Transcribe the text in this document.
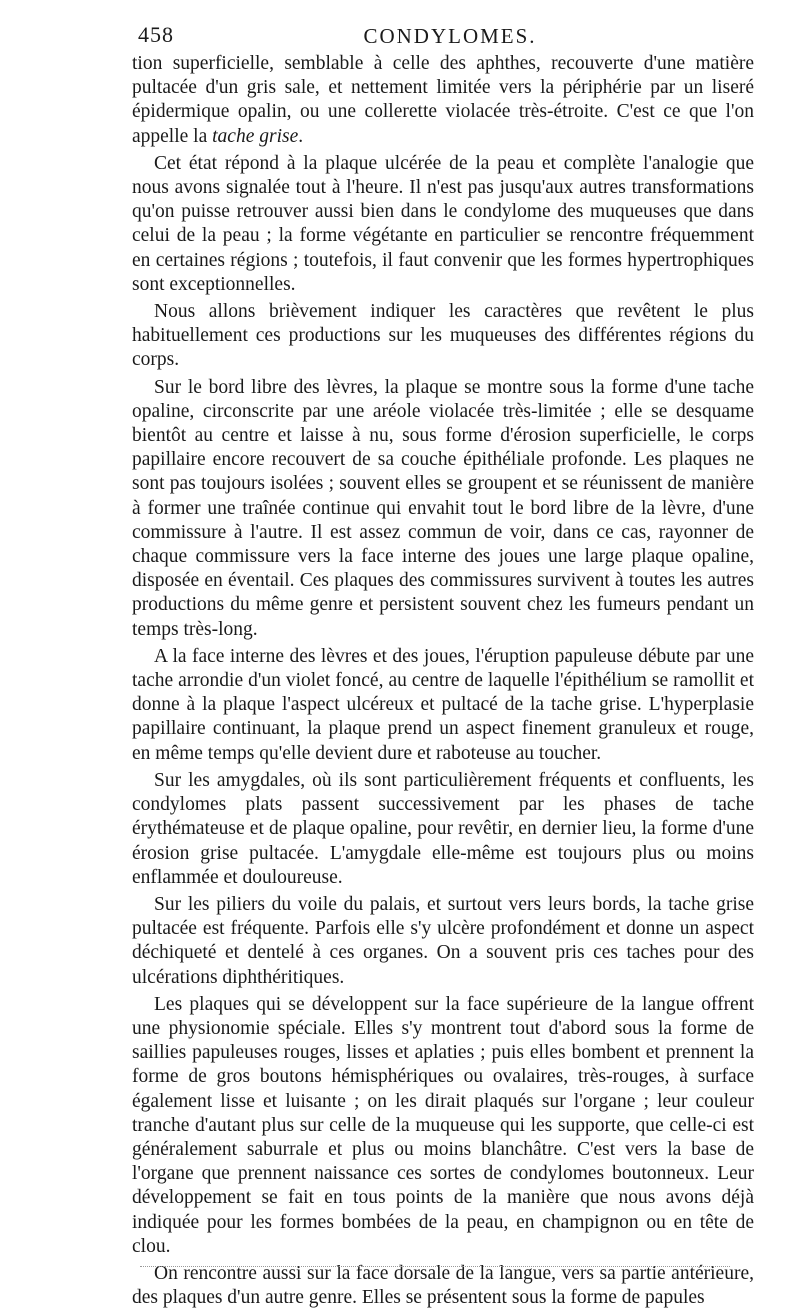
458	CONDYLOMES.

tion superficielle, semblable à celle des aphthes, recouverte d'une matière pultacée d'un gris sale, et nettement limitée vers la périphérie par un liseré épidermique opalin, ou une collerette violacée très-étroite. C'est ce que l'on appelle la tache grise.

Cet état répond à la plaque ulcérée de la peau et complète l'analogie que nous avons signalée tout à l'heure. Il n'est pas jusqu'aux autres transformations qu'on puisse retrouver aussi bien dans le condylome des muqueuses que dans celui de la peau ; la forme végétante en particulier se rencontre fréquemment en certaines régions ; toutefois, il faut convenir que les formes hypertrophiques sont exceptionnelles.

Nous allons brièvement indiquer les caractères que revêtent le plus habituellement ces productions sur les muqueuses des différentes régions du corps.

Sur le bord libre des lèvres, la plaque se montre sous la forme d'une tache opaline, circonscrite par une aréole violacée très-limitée ; elle se desquame bientôt au centre et laisse à nu, sous forme d'érosion superficielle, le corps papillaire encore recouvert de sa couche épithéliale profonde. Les plaques ne sont pas toujours isolées ; souvent elles se groupent et se réunissent de manière à former une traînée continue qui envahit tout le bord libre de la lèvre, d'une commissure à l'autre. Il est assez commun de voir, dans ce cas, rayonner de chaque commissure vers la face interne des joues une large plaque opaline, disposée en éventail. Ces plaques des commissures survivent à toutes les autres productions du même genre et persistent souvent chez les fumeurs pendant un temps très-long.

A la face interne des lèvres et des joues, l'éruption papuleuse débute par une tache arrondie d'un violet foncé, au centre de laquelle l'épithélium se ramollit et donne à la plaque l'aspect ulcéreux et pultacé de la tache grise. L'hyperplasie papillaire continuant, la plaque prend un aspect finement granuleux et rouge, en même temps qu'elle devient dure et raboteuse au toucher.

Sur les amygdales, où ils sont particulièrement fréquents et confluents, les condylomes plats passent successivement par les phases de tache érythémateuse et de plaque opaline, pour revêtir, en dernier lieu, la forme d'une érosion grise pultacée. L'amygdale elle-même est toujours plus ou moins enflammée et douloureuse.

Sur les piliers du voile du palais, et surtout vers leurs bords, la tache grise pultacée est fréquente. Parfois elle s'y ulcère profondément et donne un aspect déchiqueté et dentelé à ces organes. On a souvent pris ces taches pour des ulcérations diphthéritiques.

Les plaques qui se développent sur la face supérieure de la langue offrent une physionomie spéciale. Elles s'y montrent tout d'abord sous la forme de saillies papuleuses rouges, lisses et aplaties ; puis elles bombent et prennent la forme de gros boutons hémisphériques ou ovalaires, très-rouges, à surface également lisse et luisante ; on les dirait plaqués sur l'organe ; leur couleur tranche d'autant plus sur celle de la muqueuse qui les supporte, que celle-ci est généralement saburrale et plus ou moins blanchâtre. C'est vers la base de l'organe que prennent naissance ces sortes de condylomes boutonneux. Leur développement se fait en tous points de la manière que nous avons déjà indiquée pour les formes bombées de la peau, en champignon ou en tête de clou.

On rencontre aussi sur la face dorsale de la langue, vers sa partie antérieure, des plaques d'un autre genre. Elles se présentent sous la forme de papules
